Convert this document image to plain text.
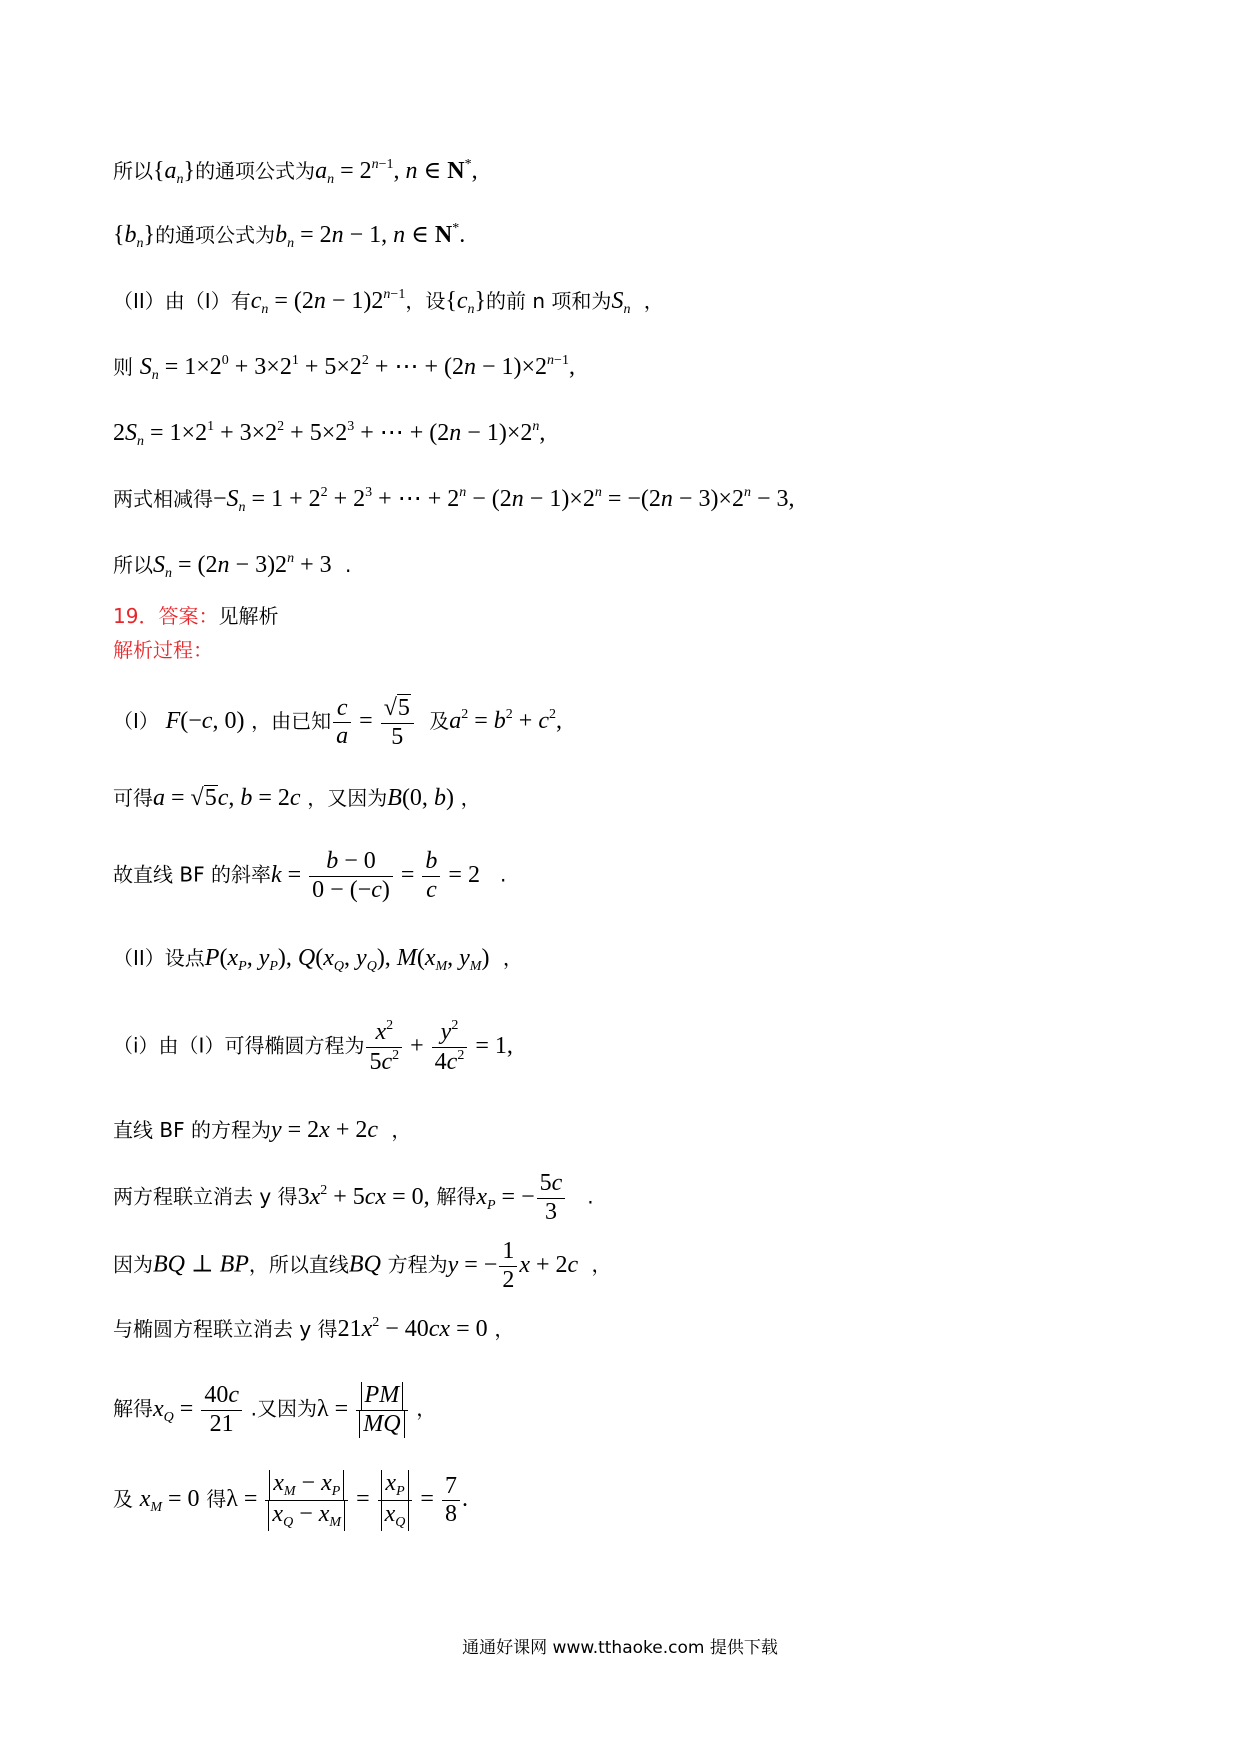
所以$\{a_n\}$的通项公式为$a_n = 2^{n-1}$, n ∈ N*,
$\{b_n\}$的通项公式为$b_n = 2n - 1$, n ∈ N*.
（II）由（I）有$c_n = (2n - 1)2^{n-1}$，设$\{c_n\}$的前 n 项和为$S_n$ ，
则 $S_n = 1\times 2^0 + 3\times 2^1 + 5\times 2^2$ + ⋯ + $(2n - 1)\times 2^{n-1}$,
$2S_n = 1\times 2^1 + 3\times 2^2 + 5\times 2^3$ + ⋯ + $(2n - 1)\times 2^n$,
两式相减得$-S_n = 1 + 2^2 + 2^3$ + ⋯ + $2^n - (2n - 1)\times 2^n = -(2n - 3)\times 2^n - 3$,
所以$S_n = (2n - 3)2^n + 3$ .
19．答案：见解析
解析过程：
（I） F(−c, 0) ，由已知 $\frac{c}{a} = \frac{√5}{5}$ 及$a^2 = b^2 + c^2$,
可得a = √5c, b = 2c ，又因为B(0, b) ，
故直线 BF 的斜率$k = \frac{b - 0}{0 - (-c)} = \frac{b}{c} = 2$ .
（II）设点$P(x_P$, $y_P$), $Q(x_Q$, $y_Q$), $M(x_M$, $y_M$) ，
（i）由（I）可得椭圆方程为 $\frac{x^2}{5c^2} + \frac{y^2}{4c^2} = 1$,
直线 BF 的方程为y = 2x + 2c ，
两方程联立消去 y 得$3x^2 + 5cx = 0$, 解得$x_P$ = − $\frac{5c}{3}$ .
因为BQ ⊥ BP，所以直线BQ 方程为y = − $\frac{1}{2}$ x + 2c ，
与椭圆方程联立消去 y 得$21x^2 - 40cx = 0$ ，
解得$x_Q = \frac{40c}{21}$ .又因为$\lambda = \frac{PM}{MQ}$ ，
及 $x_M = 0$ 得$\lambda = \frac{x_M - x_P}{x_Q - x_M} = \frac{x_P}{x_Q} = \frac{7}{8}$ .
通通好课网 www.tthaoke.com 提供下载
